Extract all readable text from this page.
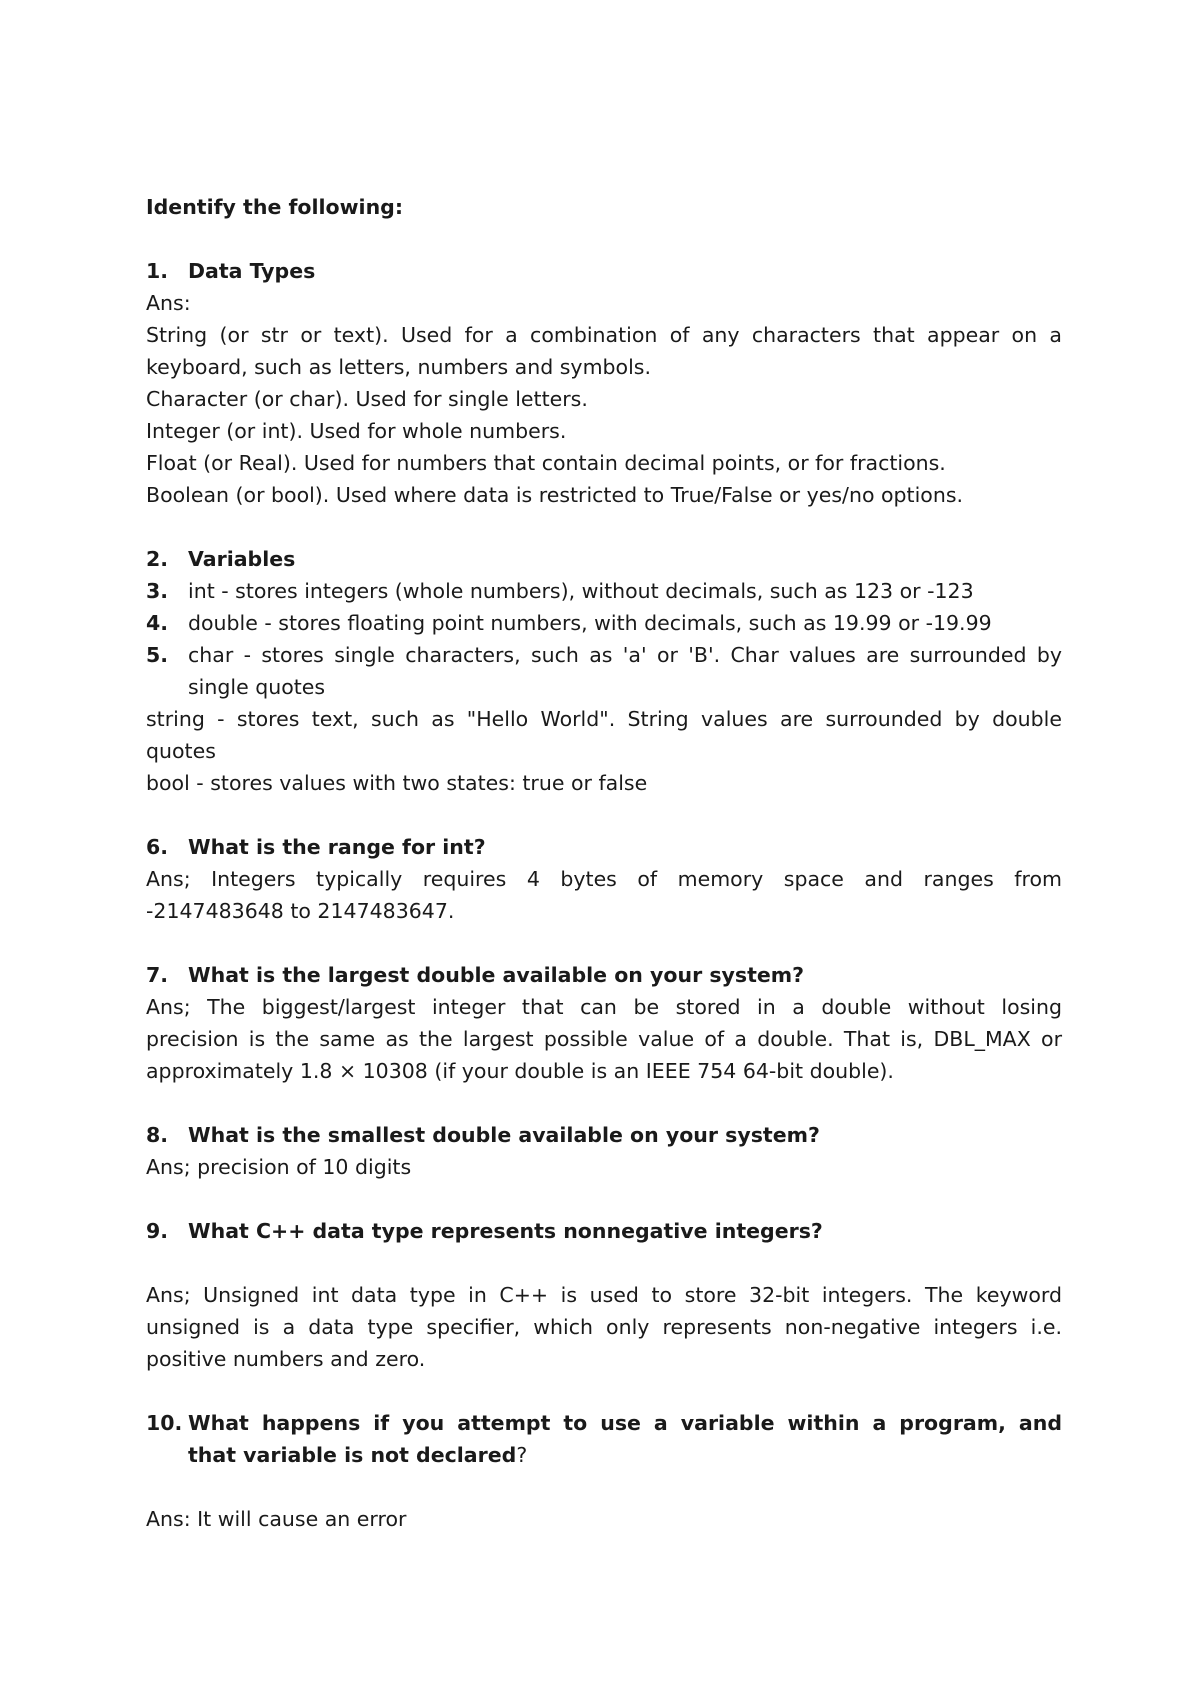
Identify the following:

1. Data Types

Ans:

String (or str or text). Used for a combination of any characters that appear on a

keyboard, such as letters, numbers and symbols.

Character (or char). Used for single letters.

Integer (or int). Used for whole numbers.

Float (or Real). Used for numbers that contain decimal points, or for fractions.

Boolean (or bool). Used where data is restricted to True/False or yes/no options.

2. Variables
3. int - stores integers (whole numbers), without decimals, such as 123 or -123
4. double - stores floating point numbers, with decimals, such as 19.99 or -19.99
5. char - stores single characters, such as 'a' or 'B'. Char values are surrounded by
single quotes

string - stores text, such as "Hello World". String values are surrounded by double

quotes

bool - stores values with two states: true or false

6. What is the range for int?

Ans; Integers typically requires 4 bytes of memory space and ranges from

-2147483648 to 2147483647.

7. What is the largest double available on your system?

Ans; The biggest/largest integer that can be stored in a double without losing

precision is the same as the largest possible value of a double. That is, DBL_MAX or

approximately 1.8 × 10308 (if your double is an IEEE 754 64-bit double).

8. What is the smallest double available on your system?

Ans; precision of 10 digits

9. What C++ data type represents nonnegative integers?

Ans; Unsigned int data type in C++ is used to store 32-bit integers. The keyword

unsigned is a data type specifier, which only represents non-negative integers i.e.

positive numbers and zero.

10. What happens if you attempt to use a variable within a program, and
that variable is not declared?

Ans: It will cause an error
